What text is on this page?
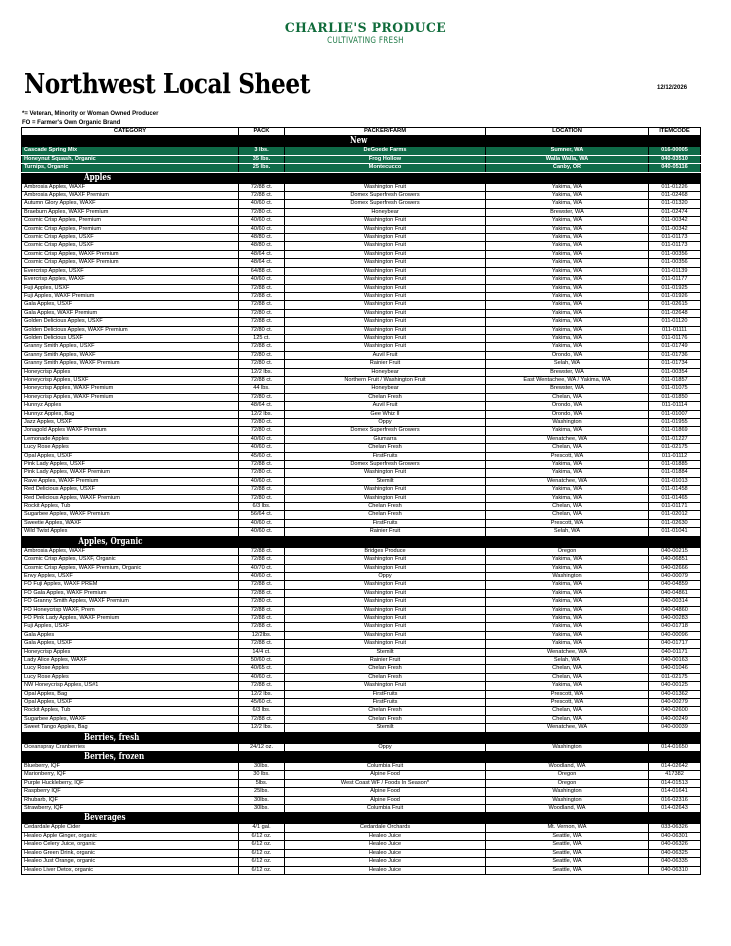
CHARLIE'S PRODUCE
CULTIVATING FRESH
Northwest Local Sheet	12/12/2026
*= Veteran, Minority or Woman Owned Producer
FO = Farmer's Own Organic Brand
CATEGORY	PACK	PACKER/FARM	LOCATION	ITEMCODE
New				
Cascade Spring Mix	3 lbs.	DeGoede Farms	Sumner, WA	016-00005
Honeynut Squash, Organic	35 lbs.	Frog Hollow	Walla Walla, WA	040-03510
Turnips, Organic	25 lbs.	Montecucco	Canby, OR	040-05116
Apples				
Ambrosia Apples, WAXF	72/88 ct.	Washington Fruit	Yakima, WA	011-01226
Ambrosia Apples, WAXF Premium	72/88 ct.	Domex Superfresh Growers	Yakima, WA	011-02468
Autumn Glory Apples, WAXF	40/60 ct.	Domex Superfresh Growers	Yakima, WA	011-01320
Braeburn Apples, WAXF Premium	72/80 ct.	Honeybear	Brewster, WA	011-02474
Cosmic Crisp Apples, Premium	40/60 ct.	Washington Fruit	Yakima, WA	011-00342
Cosmic Crisp Apples, Premium	40/60 ct.	Washington Fruit	Yakima, WA	011-00342
Cosmic Crisp Apples, USXF	48/80 ct.	Washington Fruit	Yakima, WA	011-01173
Cosmic Crisp Apples, USXF	48/80 ct.	Washington Fruit	Yakima, WA	011-01173
Cosmic Crisp Apples, WAXF Premium	48/64 ct.	Washington Fruit	Yakima, WA	011-00356
Cosmic Crisp Apples, WAXF Premium	48/64 ct.	Washington Fruit	Yakima, WA	011-00356
Evercrisp Apples, USXF	64/88 ct.	Washington Fruit	Yakima, WA	011-01139
Evercrisp Apples, WAXF	40/60 ct.	Washington Fruit	Yakima, WA	011-01177
Fuji Apples, USXF	72/88 ct.	Washington Fruit	Yakima, WA	011-01925
Fuji Apples, WAXF Premium	72/88 ct.	Washington Fruit	Yakima, WA	011-01926
Gala Apples, USXF	72/88 ct.	Washington Fruit	Yakima, WA	011-02615
Gala Apples, WAXF Premium	72/80 ct.	Washington Fruit	Yakima, WA	011-02648
Golden Delicious Apples, USXF	72/88 ct.	Washington Fruit	Yakima, WA	011-01120
Golden Delicious Apples, WAXF Premium	72/80 ct.	Washington Fruit	Yakima, WA	011-01111
Golden Delicious USXF	125 ct.	Washington Fruit	Yakima, WA	011-01176
Granny Smith Apples, USXF	72/88 ct.	Washington Fruit	Yakima, WA	011-01749
Granny Smith Apples, WAXF	72/80 ct.	Auvil Fruit	Orondo, WA	011-01736
Granny Smith Apples, WAXF Premium	72/80 ct.	Rainier Fruit	Selah, WA	011-01734
Honeycrisp Apples	12/2 lbs.	Honeybear	Brewster, WA	011-00354
Honeycrisp Apples, USXF	72/88 ct.	Northern Fruit / Washington Fruit	East Wentachee, WA / Yakima, WA	011-01857
Honeycrisp Apples, WAXF Premium	44 lbs.	Honeybear	Brewster, WA	011-01075
Honeycrisp Apples, WAXF Premium	72/80 ct.	Chelan Fresh	Chelan, WA	011-01850
Hunnyz Apples	48/64 ct.	Auvil Fruit	Orondo, WA	011-01114
Hunnyz Apples, Bag	12/2 lbs.	Gee Whiz II	Orondo, WA	011-01007
Jazz Apples, USXF	72/80 ct.	Oppy	Washington	011-01955
Jonagold Apples WAXF Premium	72/80 ct.	Domex Superfresh Growers	Yakima, WA	011-01869
Lemonade Apples	40/60 ct.	Giumarra	Wenatchee, WA	011-01227
Lucy Rose Apples	40/60 ct.	Chelan Fresh	Chelan, WA	011-02175
Opal Apples, USXF	45/60 ct.	FirstFruits	Prescott, WA	011-01112
Pink Lady Apples, USXF	72/88 ct.	Domex Superfresh Growers	Yakima, WA	011-01885
Pink Lady Apples, WAXF Premium	72/80 ct.	Washington Fruit	Yakima, WA	011-01884
Rave Apples, WAXF Premium	40/60 ct.	Stemilt	Wenatchee, WA	011-01013
Red Delicious Apples, USXF	72/88 ct.	Washington Fruit	Yakima, WA	011-01458
Red Delicious Apples, WAXF Premium	72/80 ct.	Washington Fruit	Yakima, WA	011-01465
Rockit Apples, Tub	6/3 lbs.	Chelan Fresh	Chelan, WA	011-01171
Sugarbee Apples, WAXF Premium	56/64 ct.	Chelan Fresh	Chelan, WA	011-02012
Sweetie Apples, WAXF	40/60 ct.	FirstFruits	Prescott, WA	011-02630
Wild Twist Apples	40/60 ct.	Rainier Fruit	Selah, WA	011-01041
Apples, Organic				
Ambrosia Apples, WAXF	72/88 ct.	Bridges Produce	Oregon	040-00215
Cosmic Crisp Apples, USXF, Organic	72/88 ct.	Washington Fruit	Yakima, WA	040-06851
Cosmic Crisp Apples, WAXF Premium, Organic	40/70 ct.	Washington Fruit	Yakima, WA	040-02666
Envy Apples, USXF	40/60 ct.	Oppy	Washington	040-00079
FO Fuji Apples, WAXF PREM	72/88 ct.	Washington Fruit	Yakima, WA	040-04859
FO Gala Apples, WAXF Premium	72/88 ct.	Washington Fruit	Yakima, WA	040-04861
FO Granny Smith Apples, WAXF Premium	72/80 ct.	Washington Fruit	Yakima, WA	040-00314
FO Honeycrisp WAXF, Prem	72/88 ct.	Washington Fruit	Yakima, WA	040-04860
FO Pink Lady Apples, WAXF Premium	72/88 ct.	Washington Fruit	Yakima, WA	040-00283
Fuji Apples, USXF	72/88 ct.	Washington Fruit	Yakima, WA	040-01718
Gala Apples	12/2lbs.	Washington Fruit	Yakima, WA	040-00096
Gala Apples, USXF	72/88 ct.	Washington Fruit	Yakima, WA	040-01717
Honeycrisp Apples	14/4 ct.	Stemilt	Wenatchee, WA	040-01171
Lady Alice Apples, WAXF	50/60 ct.	Rainier Fruit	Selah, WA	040-00163
Lucy Rose Apples	40/65 ct.	Chelan Fresh	Chelan, WA	040-01046
Lucy Rose Apples	40/60 ct.	Chelan Fresh	Chelan, WA	011-02175
NW Honeycrisp Apples, US#1	72/88 ct.	Washington Fruit	Yakima, WA	040-00125
Opal Apples, Bag	12/2 lbs.	FirstFruits	Prescott, WA	040-01362
Opal Apples, USXF	45/60 ct.	FirstFruits	Prescott, WA	040-00279
Rockit Apples, Tub	6/3 lbs.	Chelan Fresh	Chelan, WA	040-02600
Sugarbee Apples, WAXF	72/88 ct.	Chelan Fresh	Chelan, WA	040-00249
Sweet Tango Apples, Bag	12/2 lbs.	Stemilt	Wenatchee, WA	040-00039
Berries, fresh				
Oceanspray Cranberries	24/12 oz.	Oppy	Washington	014-01650
Berries, frozen				
Blueberry, IQF	30lbs.	Columbia Fruit	Woodland, WA	014-02642
Marionberry, IQF	30 lbs.	Alpine Food	Oregon	417382
Purple Huckleberry, IQF	5lbs.	West Coast WF / Foods In Season*	Oregon	014-01513
Raspberry IQF	25lbs.	Alpine Food	Washington	014-01641
Rhubarb, IQF	30lbs.	Alpine Food	Washington	016-02316
Strawberry, IQF	30lbs.	Columbia Fruit	Woodland, WA	014-02643
Beverages				
Cedardale Apple Cider	4/1 gal.	Cedardale Orchards	Mt. Vernon, WA	033-06326
Healeo Apple Ginger, organic	6/12 oz.	Healeo Juice	Seattle, WA	040-06301
Healeo Celery Juice, organic	6/12 oz.	Healeo Juice	Seattle, WA	040-06326
Healeo Green Drink, organic	6/12 oz.	Healeo Juice	Seattle, WA	040-06325
Healeo Just Orange, organic	6/12 oz.	Healeo Juice	Seattle, WA	040-06335
Healeo Liver Detox, organic	6/12 oz.	Healeo Juice	Seattle, WA	040-06310
